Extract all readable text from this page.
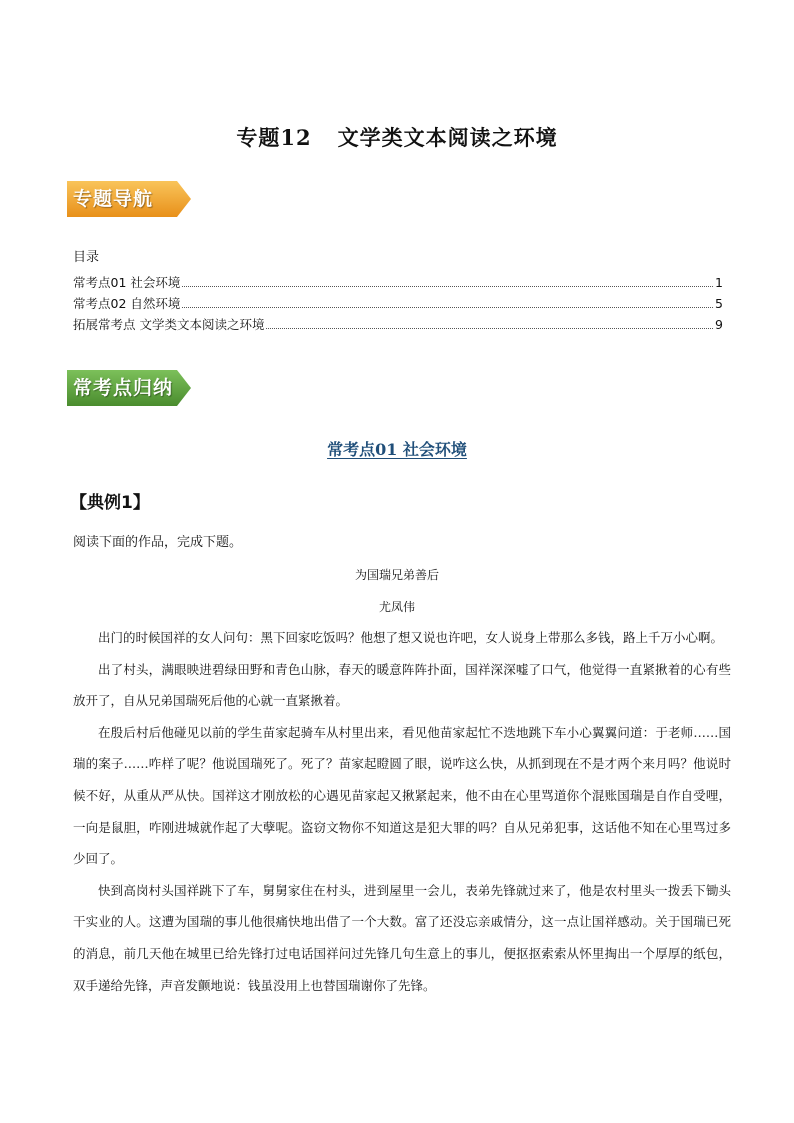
专题12 文学类文本阅读之环境
专题导航
目录
常考点01 社会环境	1
常考点02 自然环境	5
拓展常考点 文学类文本阅读之环境	9
常考点归纳
常考点01 社会环境
【典例1】
阅读下面的作品，完成下题。
为国瑞兄弟善后
尤凤伟

出门的时候国祥的女人问句：黑下回家吃饭吗？他想了想又说也许吧，女人说身上带那么多钱，路上千万小心啊。

出了村头，满眼映进碧绿田野和青色山脉，春天的暖意阵阵扑面，国祥深深嘘了口气，他觉得一直紧揪着的心有些放开了，自从兄弟国瑞死后他的心就一直紧揪着。

在殷后村后他碰见以前的学生苗家起骑车从村里出来，看见他苗家起忙不迭地跳下车小心翼翼问道：于老师……国瑞的案子……咋样了呢？他说国瑞死了。死了？苗家起瞪圆了眼，说咋这么快，从抓到现在不是才两个来月吗？他说时候不好，从重从严从快。国祥这才刚放松的心遇见苗家起又揪紧起来，他不由在心里骂道你个混账国瑞是自作自受哩，一向是鼠胆，咋刚进城就作起了大孽呢。盗窃文物你不知道这是犯大罪的吗？自从兄弟犯事，这话他不知在心里骂过多少回了。

快到高岗村头国祥跳下了车，舅舅家住在村头，进到屋里一会儿，表弟先锋就过来了，他是农村里头一拨丢下锄头干实业的人。这遭为国瑞的事儿他很痛快地出借了一个大数。富了还没忘亲戚情分，这一点让国祥感动。关于国瑞已死的消息，前几天他在城里已给先锋打过电话国祥问过先锋几句生意上的事儿，便抠抠索索从怀里掏出一个厚厚的纸包，双手递给先锋，声音发颤地说：钱虽没用上也替国瑞谢你了先锋。
